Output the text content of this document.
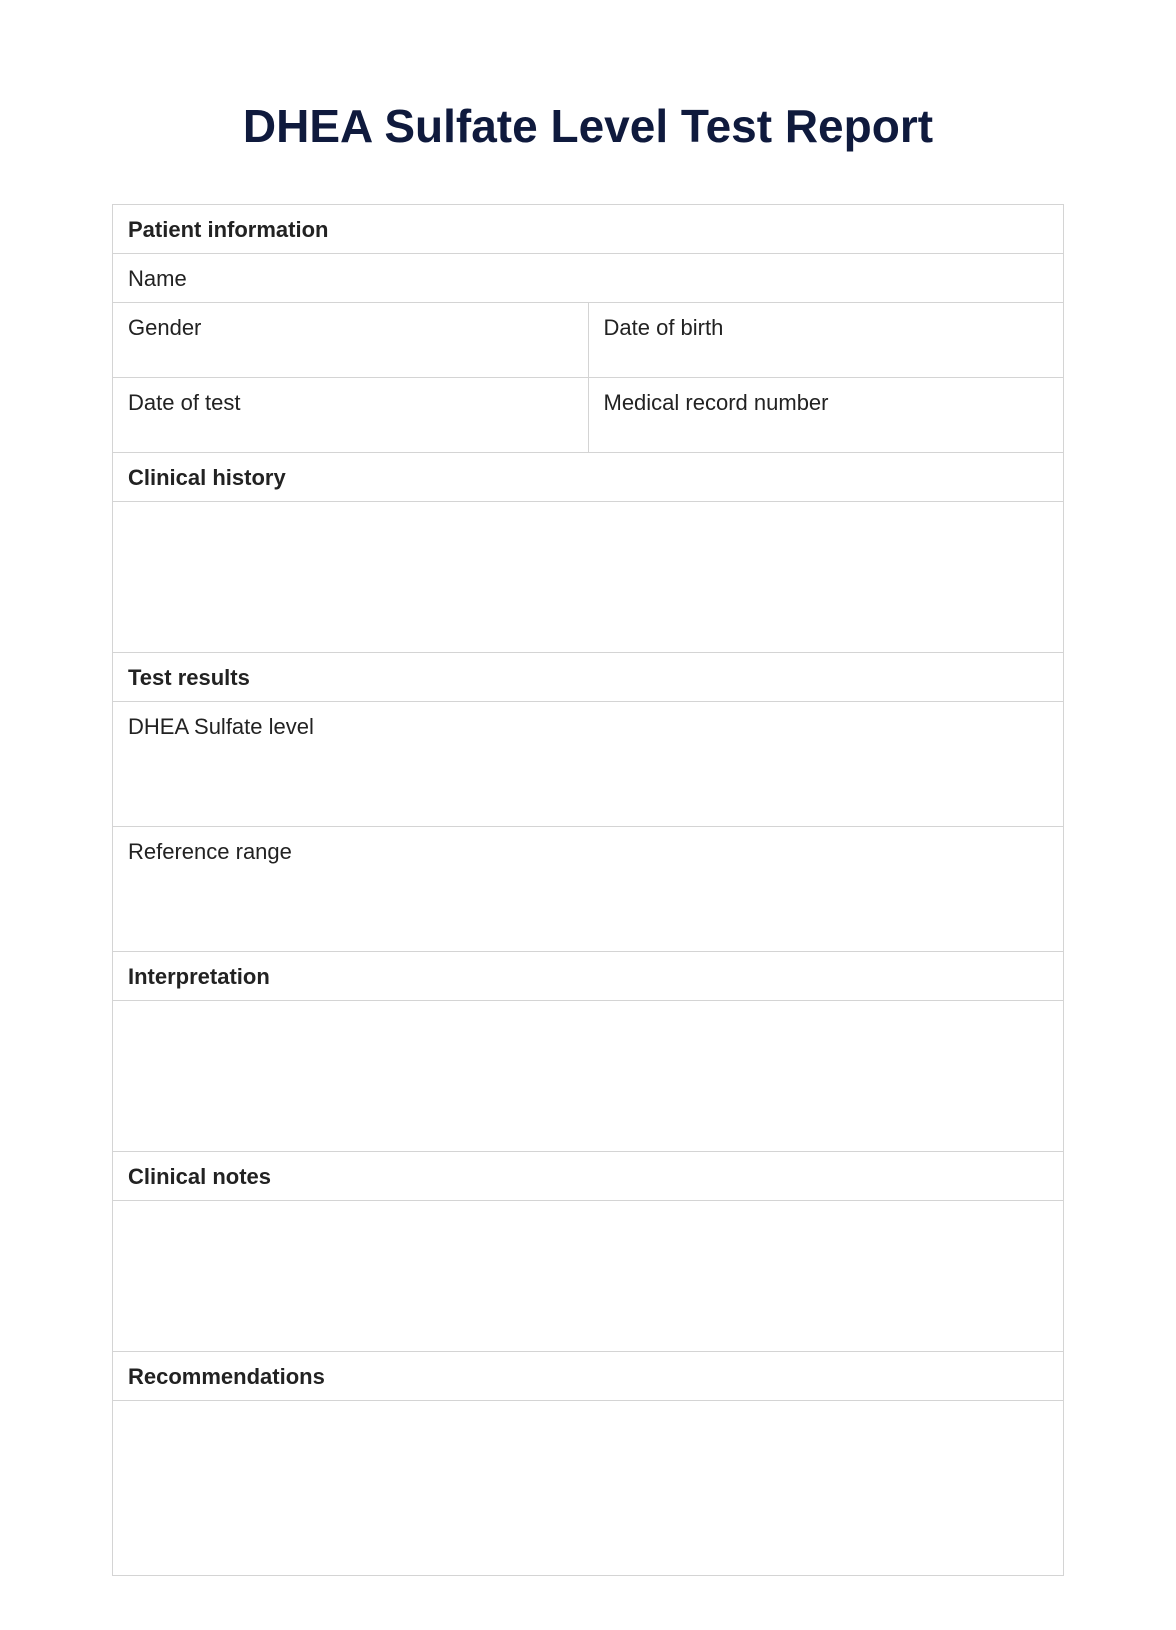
DHEA Sulfate Level Test Report
Patient information
Name
Gender	Date of birth
Date of test	Medical record number
Clinical history
Test results
DHEA Sulfate level
Reference range
Interpretation
Clinical notes
Recommendations
